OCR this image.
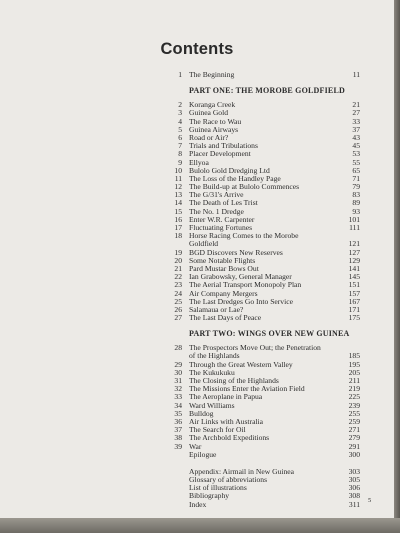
Contents
1 The Beginning	11
PART ONE: THE MOROBE GOLDFIELD
2 Koranga Creek	21
3 Guinea Gold	27
4 The Race to Wau	33
5 Guinea Airways	37
6 Road or Air?	43
7 Trials and Tribulations	45
8 Placer Development	53
9 Ellyoa	55
10 Bulolo Gold Dredging Ltd	65
11 The Loss of the Handley Page	71
12 The Build-up at Bulolo Commences	79
13 The G/31's Arrive	83
14 The Death of Les Trist	89
15 The No. 1 Dredge	93
16 Enter W.R. Carpenter	101
17 Fluctuating Fortunes	111
18 Horse Racing Comes to the Morobe
Goldfield	121
19 BGD Discovers New Reserves	127
20 Some Notable Flights	129
21 Pard Mustar Bows Out	141
22 Ian Grabowsky, General Manager	145
23 The Aerial Transport Monopoly Plan	151
24 Air Company Mergers	157
25 The Last Dredges Go Into Service	167
26 Salamaua or Lae?	171
27 The Last Days of Peace	175
PART TWO: WINGS OVER NEW GUINEA
28 The Prospectors Move Out; the Penetration
of the Highlands	185
29 Through the Great Western Valley	195
30 The Kukukuku	205
31 The Closing of the Highlands	211
32 The Missions Enter the Aviation Field	219
33 The Aeroplane in Papua	225
34 Ward Williams	239
35 Bulldog	255
36 Air Links with Australia	259
37 The Search for Oil	271
38 The Archbold Expeditions	279
39 War	291
Epilogue	300
Appendix: Airmail in New Guinea	303
Glossary of abbreviations	305
List of illustrations	306
Bibliography	308
Index	311 5
